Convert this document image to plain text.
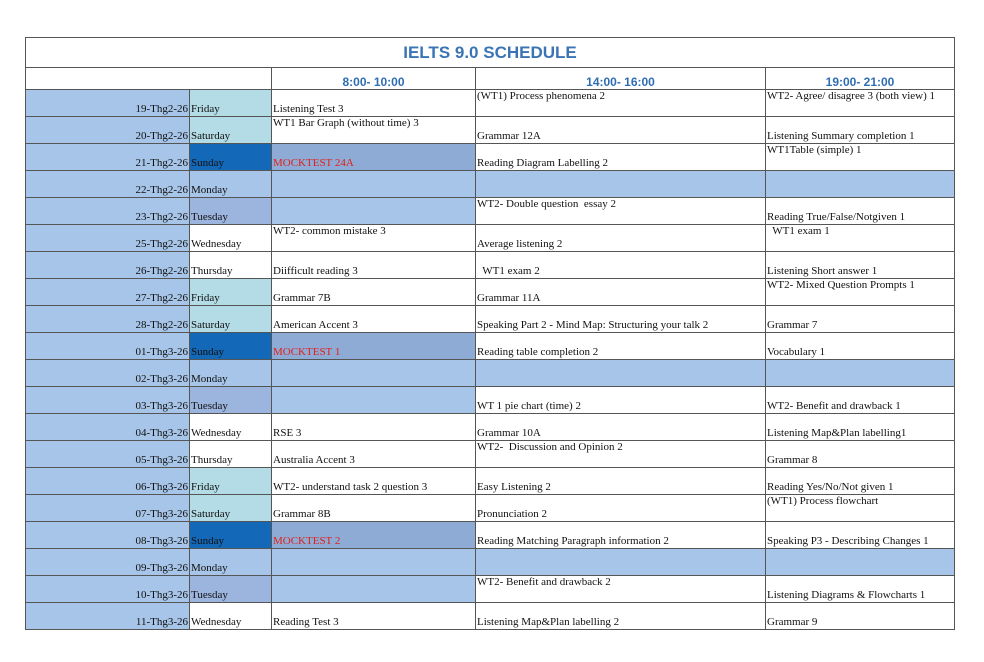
IELTS 9.0 SCHEDULE				
		8:00- 10:00	14:00- 16:00	19:00- 21:00
19-Thg2-26	Friday	Listening Test 3	(WT1) Process phenomena 2	WT2- Agree/ disagree 3 (both view) 1
20-Thg2-26	Saturday	WT1 Bar Graph (without time) 3	Grammar 12A	Listening Summary completion 1
21-Thg2-26	Sunday	MOCKTEST 24A	Reading Diagram Labelling 2	WT1Table (simple) 1
22-Thg2-26	Monday			
23-Thg2-26	Tuesday		WT2- Double question  essay 2	Reading True/False/Notgiven 1
25-Thg2-26	Wednesday	WT2- common mistake 3	Average listening 2	WT1 exam 1
26-Thg2-26	Thursday	Diifficult reading 3	WT1 exam 2	Listening Short answer 1
27-Thg2-26	Friday	Grammar 7B	Grammar 11A	WT2- Mixed Question Prompts 1
28-Thg2-26	Saturday	American Accent 3	Speaking Part 2 - Mind Map: Structuring your talk 2	Grammar 7
01-Thg3-26	Sunday	MOCKTEST 1	Reading table completion 2	Vocabulary 1
02-Thg3-26	Monday			
03-Thg3-26	Tuesday		WT 1 pie chart (time) 2	WT2- Benefit and drawback 1
04-Thg3-26	Wednesday	RSE 3	Grammar 10A	Listening Map&Plan labelling1
05-Thg3-26	Thursday	Australia Accent 3	WT2-  Discussion and Opinion 2	Grammar 8
06-Thg3-26	Friday	WT2- understand task 2 question 3	Easy Listening 2	Reading Yes/No/Not given 1
07-Thg3-26	Saturday	Grammar 8B	Pronunciation 2	(WT1) Process flowchart
08-Thg3-26	Sunday	MOCKTEST 2	Reading Matching Paragraph information 2	Speaking P3 - Describing Changes 1
09-Thg3-26	Monday			
10-Thg3-26	Tuesday		WT2- Benefit and drawback 2	Listening Diagrams & Flowcharts 1
11-Thg3-26	Wednesday	Reading Test 3	Listening Map&Plan labelling 2	Grammar 9
